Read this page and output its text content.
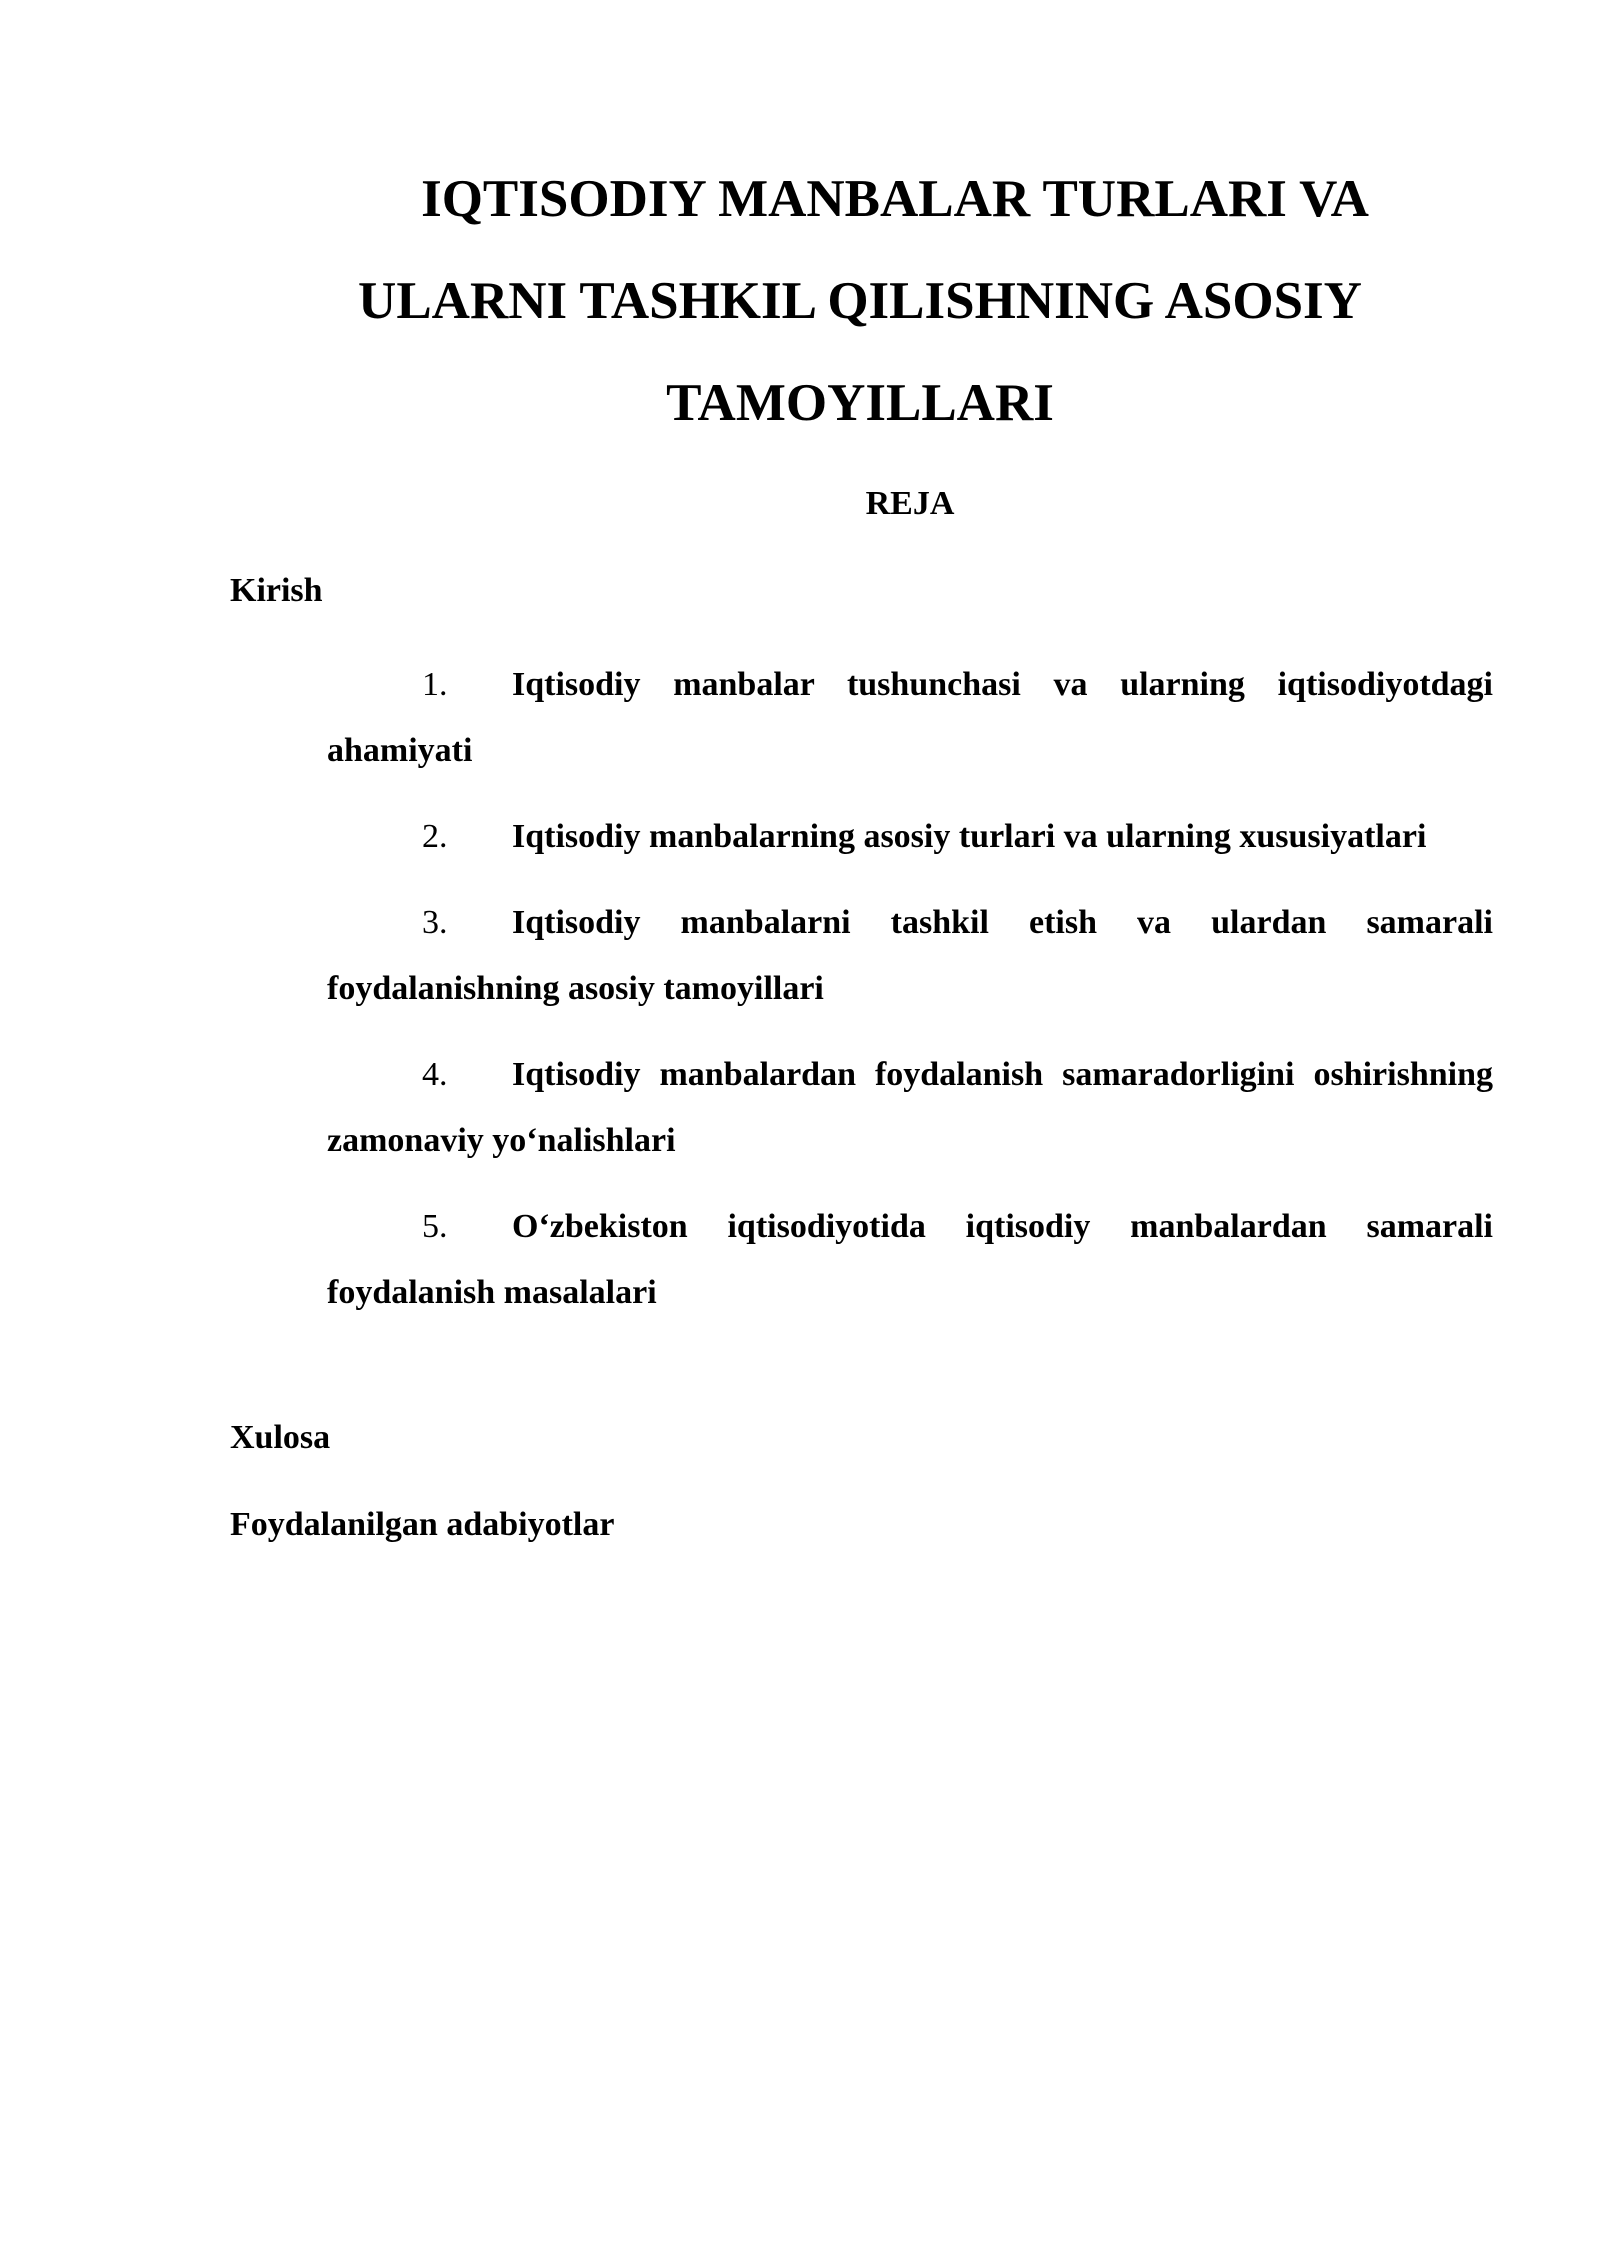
IQTISODIY MANBALAR TURLARI VA
ULARNI TASHKIL QILISHNING ASOSIY
TAMOYILLARI
REJA
Kirish
1. Iqtisodiy manbalar tushunchasi va ularning iqtisodiyotdagi ahamiyati
2. Iqtisodiy manbalarning asosiy turlari va ularning xususiyatlari
3. Iqtisodiy manbalarni tashkil etish va ulardan samarali foydalanishning asosiy tamoyillari
4. Iqtisodiy manbalardan foydalanish samaradorligini oshirishning zamonaviy yo‘nalishlari
5. O‘zbekiston iqtisodiyotida iqtisodiy manbalardan samarali foydalanish masalalari
Xulosa
Foydalanilgan adabiyotlar
